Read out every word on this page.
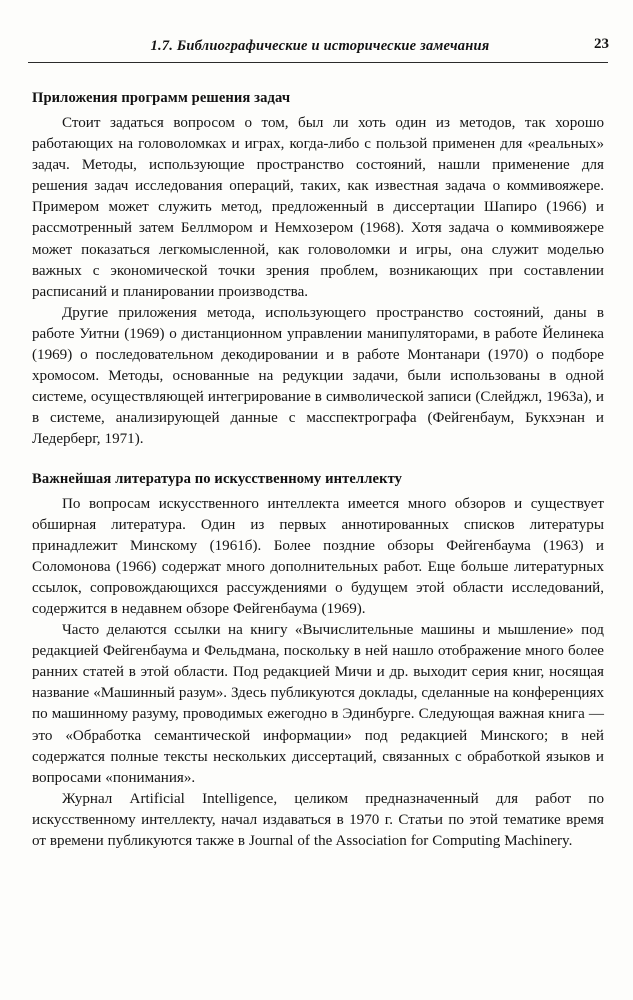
1.7. Библиографические и исторические замечания	23
Приложения программ решения задач

Стоит задаться вопросом о том, был ли хоть один из методов, так хорошо работающих на головоломках и играх, когда-либо с пользой применен для «реальных» задач. Методы, использующие пространство состояний, нашли применение для решения задач исследования операций, таких, как известная задача о коммивояжере. Примером может служить метод, предложенный в диссертации Шапиро (1966) и рассмотренный затем Беллмором и Немхозером (1968). Хотя задача о коммивояжере может показаться легкомысленной, как головоломки и игры, она служит моделью важных с экономической точки зрения проблем, возникающих при составлении расписаний и планировании производства.

Другие приложения метода, использующего пространство состояний, даны в работе Уитни (1969) о дистанционном управлении манипуляторами, в работе Йелинека (1969) о последовательном декодировании и в работе Монтанари (1970) о подборе хромосом. Методы, основанные на редукции задачи, были использованы в одной системе, осуществляющей интегрирование в символической записи (Слейджл, 1963а), и в системе, анализирующей данные с масспектрографа (Фейгенбаум, Букхэнан и Ледерберг, 1971).

Важнейшая литература по искусственному интеллекту

По вопросам искусственного интеллекта имеется много обзоров и существует обширная литература. Один из первых аннотированных списков литературы принадлежит Минскому (1961б). Более поздние обзоры Фейгенбаума (1963) и Соломонова (1966) содержат много дополнительных работ. Еще больше литературных ссылок, сопровождающихся рассуждениями о будущем этой области исследований, содержится в недавнем обзоре Фейгенбаума (1969).

Часто делаются ссылки на книгу «Вычислительные машины и мышление» под редакцией Фейгенбаума и Фельдмана, поскольку в ней нашло отображение много более ранних статей в этой области. Под редакцией Мичи и др. выходит серия книг, носящая название «Машинный разум». Здесь публикуются доклады, сделанные на конференциях по машинному разуму, проводимых ежегодно в Эдинбурге. Следующая важная книга — это «Обработка семантической информации» под редакцией Минского; в ней содержатся полные тексты нескольких диссертаций, связанных с обработкой языков и вопросами «понимания».

Журнал Artificial Intelligence, целиком предназначенный для работ по искусственному интеллекту, начал издаваться в 1970 г. Статьи по этой тематике время от времени публикуются также в Journal of the Association for Computing Machinery.
